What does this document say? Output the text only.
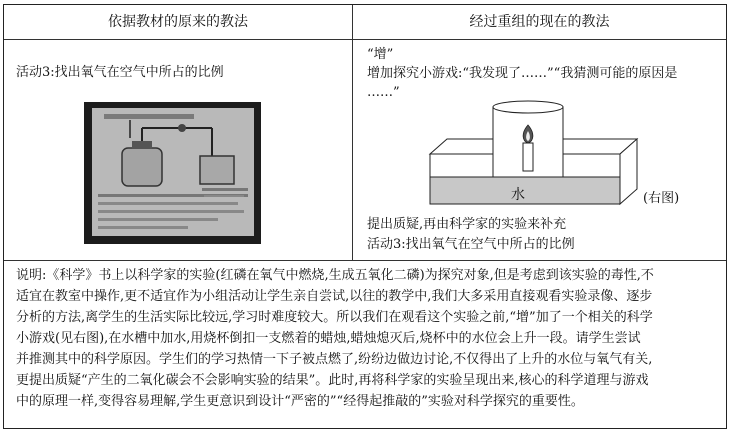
依据教材的原来的教法	经过重组的现在的教法
活动3:找出氧气在空气中所占的比例
“增”
增加探究小游戏:“我发现了……”“我猜测可能的原因是
……”
水	(右图)
提出质疑,再由科学家的实验来补充
活动3:找出氧气在空气中所占的比例
说明:《科学》书上以科学家的实验(红磷在氧气中燃烧,生成五氧化二磷)为探究对象,但是考虑到该实验的毒性,不
适宜在教室中操作,更不适宜作为小组活动让学生亲自尝试,以往的教学中,我们大多采用直接观看实验录像、逐步
分析的方法,离学生的生活实际比较远,学习时难度较大。所以我们在观看这个实验之前,“增”加了一个相关的科学
小游戏(见右图),在水槽中加水,用烧杯倒扣一支燃着的蜡烛,蜡烛熄灭后,烧杯中的水位会上升一段。请学生尝试
并推测其中的科学原因。学生们的学习热情一下子被点燃了,纷纷边做边讨论,不仅得出了上升的水位与氧气有关,
更提出质疑“产生的二氧化碳会不会影响实验的结果”。此时,再将科学家的实验呈现出来,核心的科学道理与游戏
中的原理一样,变得容易理解,学生更意识到设计“严密的”“经得起推敲的”实验对科学探究的重要性。
